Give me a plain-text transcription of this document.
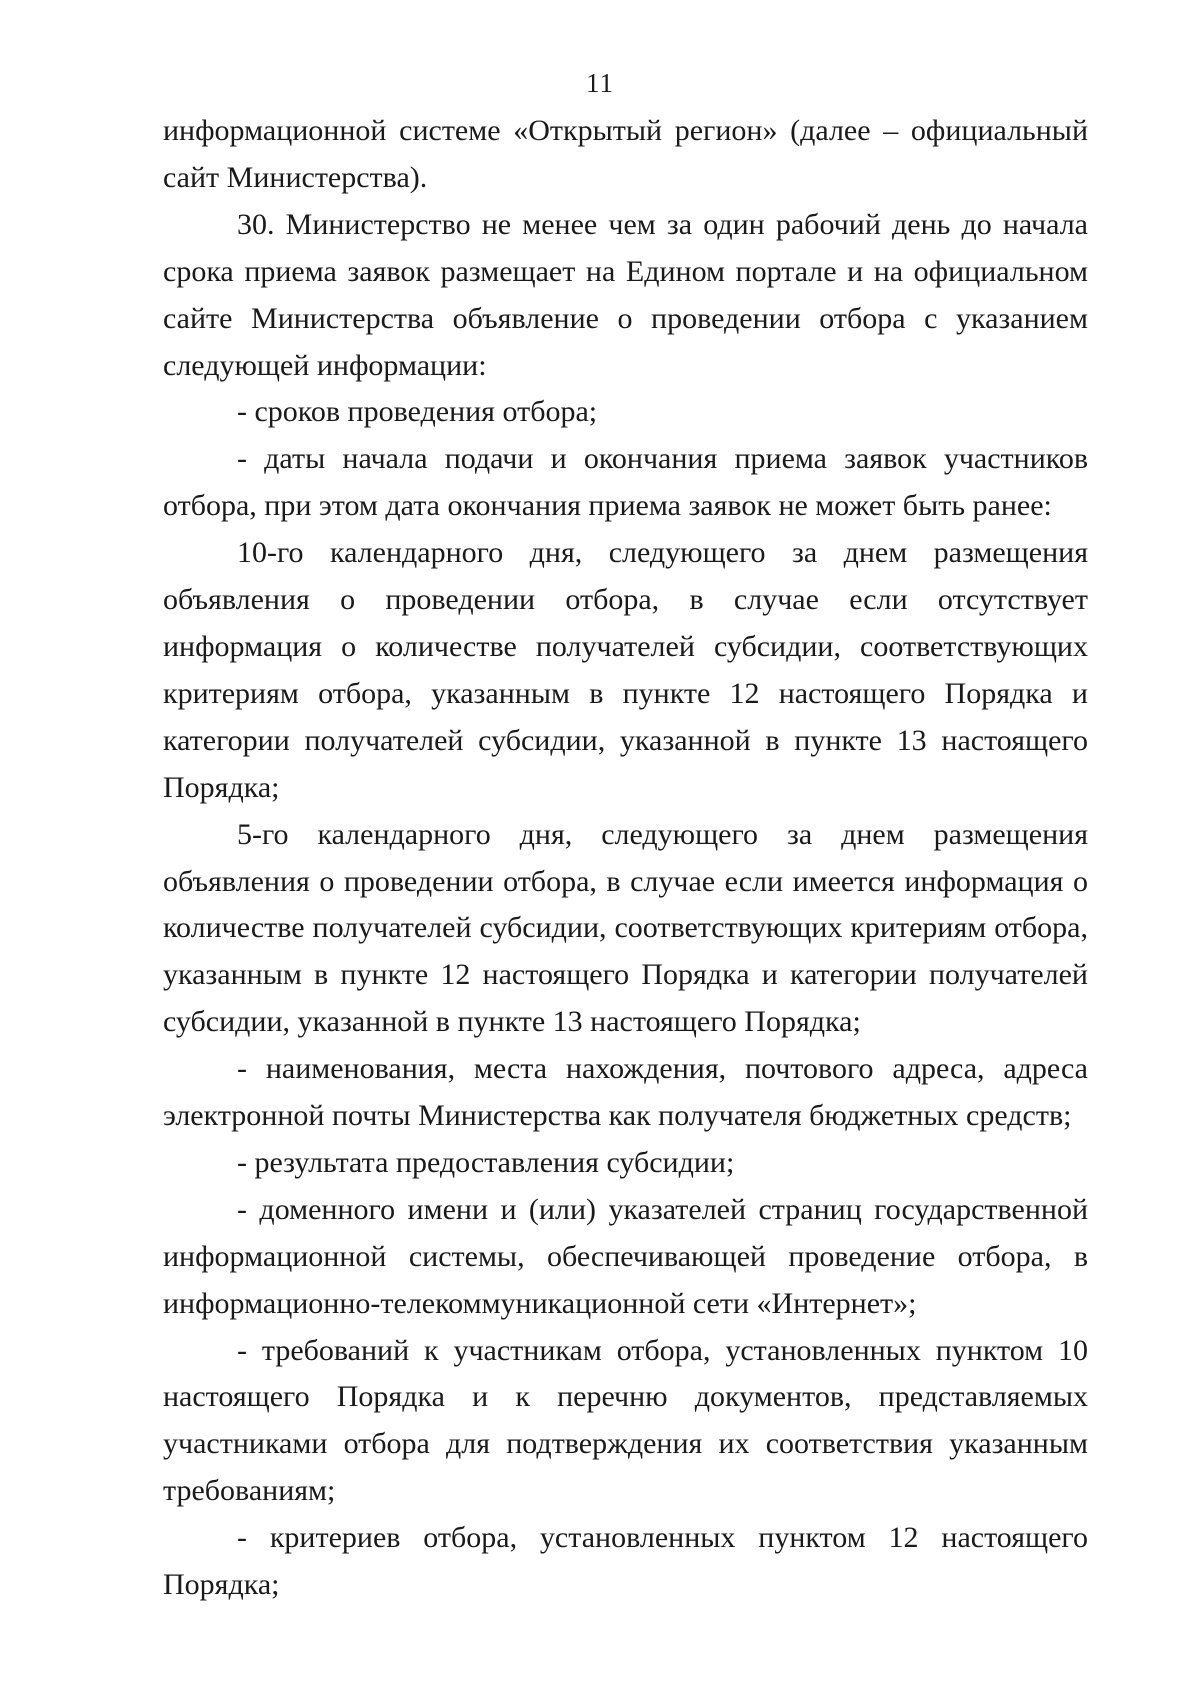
11

информационной системе «Открытый регион» (далее – официальный сайт Министерства).

30. Министерство не менее чем за один рабочий день до начала срока приема заявок размещает на Едином портале и на официальном сайте Министерства объявление о проведении отбора с указанием следующей информации:

- сроков проведения отбора;

- даты начала подачи и окончания приема заявок участников отбора, при этом дата окончания приема заявок не может быть ранее:

10-го календарного дня, следующего за днем размещения объявления о проведении отбора, в случае если отсутствует информация о количестве получателей субсидии, соответствующих критериям отбора, указанным в пункте 12 настоящего Порядка и категории получателей субсидии, указанной в пункте 13 настоящего Порядка;

5-го календарного дня, следующего за днем размещения объявления о проведении отбора, в случае если имеется информация о количестве получателей субсидии, соответствующих критериям отбора, указанным в пункте 12 настоящего Порядка и категории получателей субсидии, указанной в пункте 13 настоящего Порядка;

- наименования, места нахождения, почтового адреса, адреса электронной почты Министерства как получателя бюджетных средств;

- результата предоставления субсидии;

- доменного имени и (или) указателей страниц государственной информационной системы, обеспечивающей проведение отбора, в информационно-телекоммуникационной сети «Интернет»;

- требований к участникам отбора, установленных пунктом 10 настоящего Порядка и к перечню документов, представляемых участниками отбора для подтверждения их соответствия указанным требованиям;

- критериев отбора, установленных пунктом 12 настоящего Порядка;
